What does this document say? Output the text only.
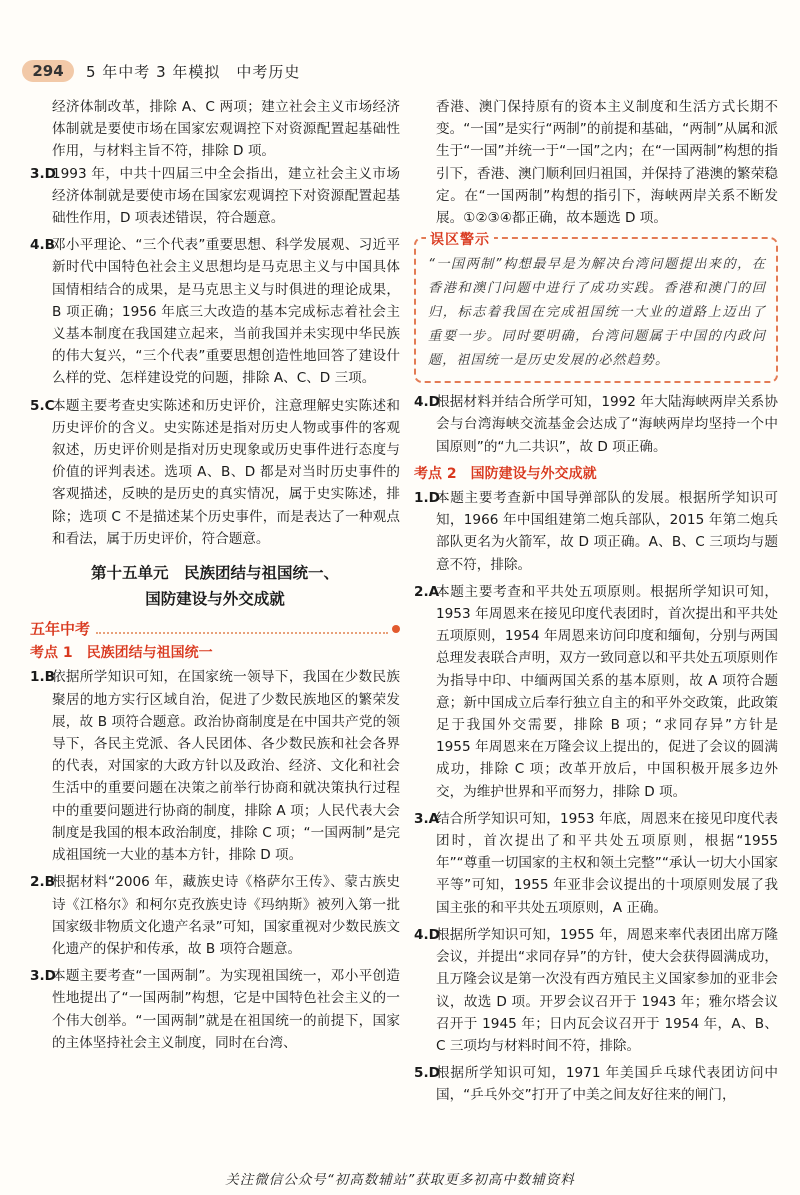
294	5 年中考 3 年模拟　中考历史

经济体制改革，排除 A、C 两项；建立社会主义市场经济体制就是要使市场在国家宏观调控下对资源配置起基础性作用，与材料主旨不符，排除 D 项。

3.D
1993 年，中共十四届三中全会指出，建立社会主义市场经济体制就是要使市场在国家宏观调控下对资源配置起基础性作用，D 项表述错误，符合题意。
4.B
邓小平理论、“三个代表”重要思想、科学发展观、习近平新时代中国特色社会主义思想均是马克思主义与中国具体国情相结合的成果，是马克思主义与时俱进的理论成果，B 项正确；1956 年底三大改造的基本完成标志着社会主义基本制度在我国建立起来，当前我国并未实现中华民族的伟大复兴，“三个代表”重要思想创造性地回答了建设什么样的党、怎样建设党的问题，排除 A、C、D 三项。
5.C
本题主要考查史实陈述和历史评价，注意理解史实陈述和历史评价的含义。史实陈述是指对历史人物或事件的客观叙述，历史评价则是指对历史现象或历史事件进行态度与价值的评判表述。选项 A、B、D 都是对当时历史事件的客观描述，反映的是历史的真实情况，属于史实陈述，排除；选项 C 不是描述某个历史事件，而是表达了一种观点和看法，属于历史评价，符合题意。
第十五单元　民族团结与祖国统一、
国防建设与外交成就
五年中考
考点 1　民族团结与祖国统一
1.B
依据所学知识可知，在国家统一领导下，我国在少数民族聚居的地方实行区域自治，促进了少数民族地区的繁荣发展，故 B 项符合题意。政治协商制度是在中国共产党的领导下，各民主党派、各人民团体、各少数民族和社会各界的代表，对国家的大政方针以及政治、经济、文化和社会生活中的重要问题在决策之前举行协商和就决策执行过程中的重要问题进行协商的制度，排除 A 项；人民代表大会制度是我国的根本政治制度，排除 C 项；“一国两制”是完成祖国统一大业的基本方针，排除 D 项。
2.B
根据材料“2006 年，藏族史诗《格萨尔王传》、蒙古族史诗《江格尔》和柯尔克孜族史诗《玛纳斯》被列入第一批国家级非物质文化遗产名录”可知，国家重视对少数民族文化遗产的保护和传承，故 B 项符合题意。
3.D
本题主要考查“一国两制”。为实现祖国统一，邓小平创造性地提出了“一国两制”构想，它是中国特色社会主义的一个伟大创举。“一国两制”就是在祖国统一的前提下，国家的主体坚持社会主义制度，同时在台湾、

香港、澳门保持原有的资本主义制度和生活方式长期不变。“一国”是实行“两制”的前提和基础，“两制”从属和派生于“一国”并统一于“一国”之内；在“一国两制”构想的指引下，香港、澳门顺利回归祖国，并保持了港澳的繁荣稳定。在“一国两制”构想的指引下，海峡两岸关系不断发展。①②③④都正确，故本题选 D 项。

误区警示
“一国两制”构想最早是为解决台湾问题提出来的，在香港和澳门问题中进行了成功实践。香港和澳门的回归，标志着我国在完成祖国统一大业的道路上迈出了重要一步。同时要明确，台湾问题属于中国的内政问题，祖国统一是历史发展的必然趋势。
4.D
根据材料并结合所学可知，1992 年大陆海峡两岸关系协会与台湾海峡交流基金会达成了“海峡两岸均坚持一个中国原则”的“九二共识”，故 D 项正确。
考点 2　国防建设与外交成就
1.D
本题主要考查新中国导弹部队的发展。根据所学知识可知，1966 年中国组建第二炮兵部队，2015 年第二炮兵部队更名为火箭军，故 D 项正确。A、B、C 三项均与题意不符，排除。
2.A
本题主要考查和平共处五项原则。根据所学知识可知，1953 年周恩来在接见印度代表团时，首次提出和平共处五项原则，1954 年周恩来访问印度和缅甸，分别与两国总理发表联合声明，双方一致同意以和平共处五项原则作为指导中印、中缅两国关系的基本原则，故 A 项符合题意；新中国成立后奉行独立自主的和平外交政策，此政策足于我国外交需要，排除 B 项；“求同存异”方针是 1955 年周恩来在万隆会议上提出的，促进了会议的圆满成功，排除 C 项；改革开放后，中国积极开展多边外交，为维护世界和平而努力，排除 D 项。
3.A
结合所学知识可知，1953 年底，周恩来在接见印度代表团时，首次提出了和平共处五项原则，根据“1955 年”“尊重一切国家的主权和领土完整”“承认一切大小国家平等”可知，1955 年亚非会议提出的十项原则发展了我国主张的和平共处五项原则，A 正确。
4.D
根据所学知识可知，1955 年，周恩来率代表团出席万隆会议，并提出“求同存异”的方针，使大会获得圆满成功，且万隆会议是第一次没有西方殖民主义国家参加的亚非会议，故选 D 项。开罗会议召开于 1943 年；雅尔塔会议召开于 1945 年；日内瓦会议召开于 1954 年，A、B、C 三项均与材料时间不符，排除。
5.D
根据所学知识可知，1971 年美国乒乓球代表团访问中国，“乒乓外交”打开了中美之间友好往来的闸门，
关注微信公众号“初高数辅站”获取更多初高中数辅资料
